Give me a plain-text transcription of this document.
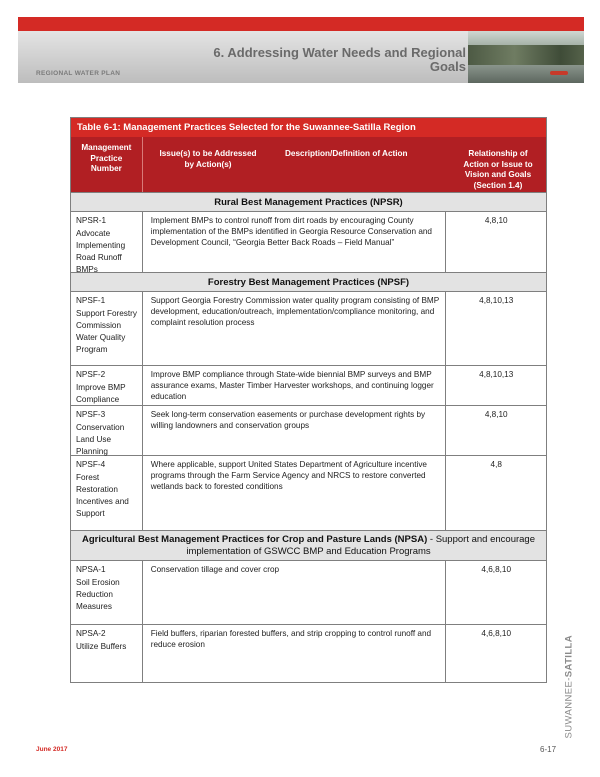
REGIONAL WATER PLAN
6. Addressing Water Needs and Regional
Goals
Table 6-1: Management Practices Selected for the Suwannee-Satilla Region
Management
Practice
Number
Issue(s) to be Addressed
by Action(s)
Description/Definition of Action	Relationship of
Action or Issue to
Vision and Goals
(Section 1.4)
Rural Best Management Practices (NPSR)
NPSR-1
Advocate Implementing Road Runoff BMPs
Implement BMPs to control runoff from dirt roads by encouraging County implementation of the BMPs identified in Georgia Resource Conservation and Development Council, “Georgia Better Back Roads – Field Manual”
4,8,10
Forestry Best Management Practices (NPSF)
NPSF-1
Support Forestry Commission Water Quality Program
Support Georgia Forestry Commission water quality program consisting of BMP development, education/outreach, implementation/compliance monitoring, and complaint resolution process
4,8,10,13
NPSF-2
Improve BMP Compliance
Improve BMP compliance through State-wide biennial BMP surveys and BMP assurance exams, Master Timber Harvester workshops, and continuing logger education
4,8,10,13
NPSF-3
Conservation Land Use Planning
Seek long-term conservation easements or purchase development rights by willing landowners and conservation groups
4,8,10
NPSF-4
Forest Restoration Incentives and Support
Where applicable, support United States Department of Agriculture incentive programs through the Farm Service Agency and NRCS to restore converted wetlands back to forested conditions
4,8
Agricultural Best Management Practices for Crop and Pasture Lands (NPSA) - Support and encourage implementation of GSWCC BMP and Education Programs
NPSA-1
Soil Erosion Reduction Measures
Conservation tillage and cover crop	4,6,8,10
NPSA-2
Utilize Buffers
Field buffers, riparian forested buffers, and strip cropping to control runoff and reduce erosion
4,6,8,10
SUWANNEE-SATILLA
June 2017	6-17
